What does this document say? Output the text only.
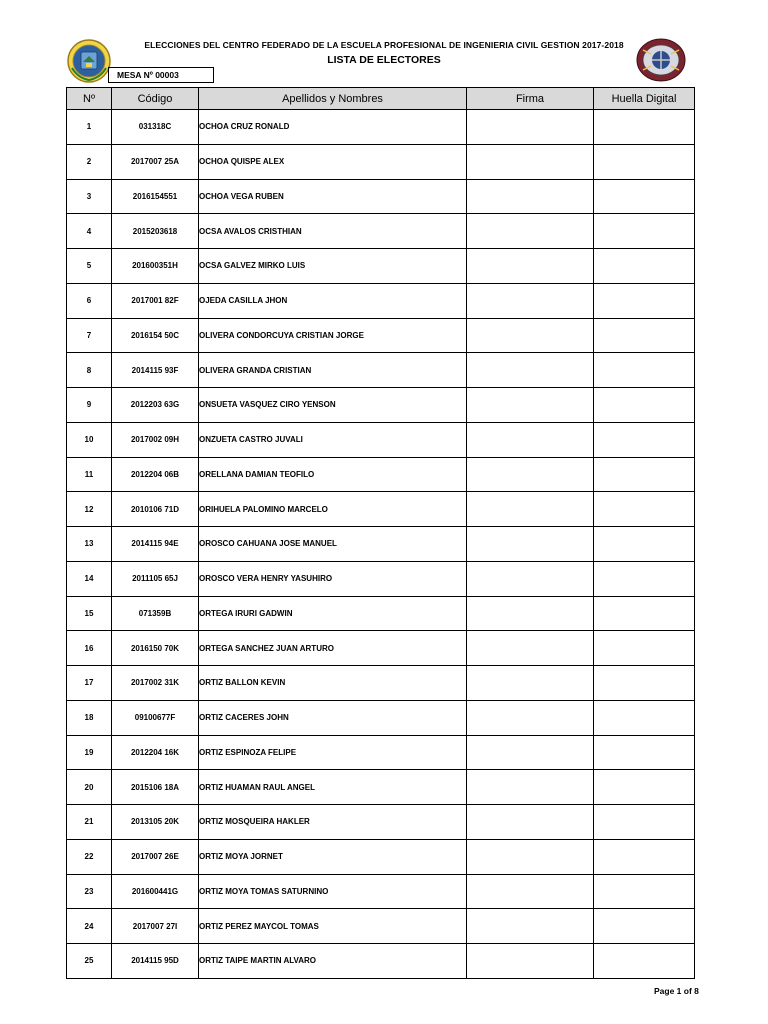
ELECCIONES DEL CENTRO FEDERADO DE LA ESCUELA PROFESIONAL DE INGENIERIA CIVIL GESTION 2017-2018
LISTA DE ELECTORES
MESA Nº 00003
Nº	Código	Apellidos y Nombres	Firma	Huella Digital
1	031318C	OCHOA CRUZ RONALD		
2	2017007 25A	OCHOA QUISPE ALEX		
3	2016154551	OCHOA VEGA RUBEN		
4	2015203618	OCSA AVALOS CRISTHIAN		
5	201600351H	OCSA GALVEZ MIRKO LUIS		
6	2017001 82F	OJEDA CASILLA JHON		
7	2016154 50C	OLIVERA CONDORCUYA CRISTIAN JORGE		
8	2014115 93F	OLIVERA GRANDA CRISTIAN		
9	2012203 63G	ONSUETA VASQUEZ CIRO YENSON		
10	2017002 09H	ONZUETA CASTRO JUVALI		
11	2012204 06B	ORELLANA DAMIAN TEOFILO		
12	2010106 71D	ORIHUELA PALOMINO MARCELO		
13	2014115 94E	OROSCO CAHUANA JOSE MANUEL		
14	2011105 65J	OROSCO VERA HENRY YASUHIRO		
15	071359B	ORTEGA IRURI GADWIN		
16	2016150 70K	ORTEGA SANCHEZ JUAN ARTURO		
17	2017002 31K	ORTIZ BALLON KEVIN		
18	09100677F	ORTIZ CACERES JOHN		
19	2012204 16K	ORTIZ ESPINOZA FELIPE		
20	2015106 18A	ORTIZ HUAMAN RAUL ANGEL		
21	2013105 20K	ORTIZ MOSQUEIRA HAKLER		
22	2017007 26E	ORTIZ MOYA JORNET		
23	201600441G	ORTIZ MOYA TOMAS SATURNINO		
24	2017007 27I	ORTIZ PEREZ MAYCOL TOMAS		
25	2014115 95D	ORTIZ TAIPE MARTIN ALVARO		
Page 1 of 8
